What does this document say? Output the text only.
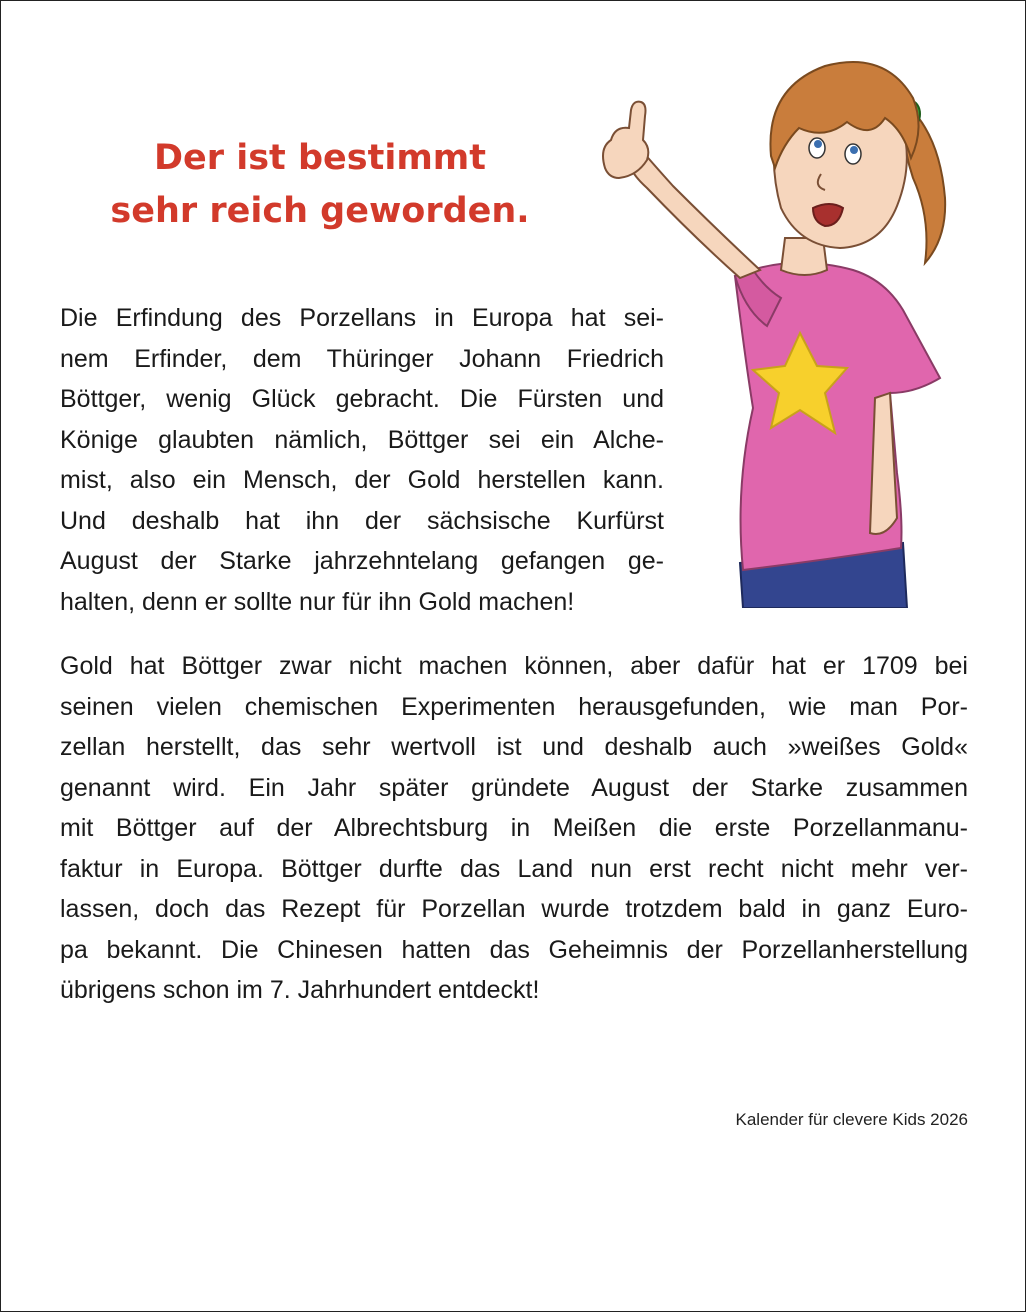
Der ist bestimmt
sehr reich geworden.

Die Erfindung des Porzellans in Europa hat sei-
nem Erfinder, dem Thüringer Johann Friedrich
Böttger, wenig Glück gebracht. Die Fürsten und
Könige glaubten nämlich, Böttger sei ein Alche-
mist, also ein Mensch, der Gold herstellen kann.
Und deshalb hat ihn der sächsische Kurfürst
August der Starke jahrzehntelang gefangen ge-
halten, denn er sollte nur für ihn Gold machen!

Gold hat Böttger zwar nicht machen können, aber dafür hat er 1709 bei
seinen vielen chemischen Experimenten herausgefunden, wie man Por-
zellan herstellt, das sehr wertvoll ist und deshalb auch »weißes Gold«
genannt wird. Ein Jahr später gründete August der Starke zusammen
mit Böttger auf der Albrechtsburg in Meißen die erste Porzellanmanu-
faktur in Europa. Böttger durfte das Land nun erst recht nicht mehr ver-
lassen, doch das Rezept für Porzellan wurde trotzdem bald in ganz Euro-
pa bekannt. Die Chinesen hatten das Geheimnis der Porzellanherstellung
übrigens schon im 7. Jahrhundert entdeckt!

Kalender für clevere Kids 2026
